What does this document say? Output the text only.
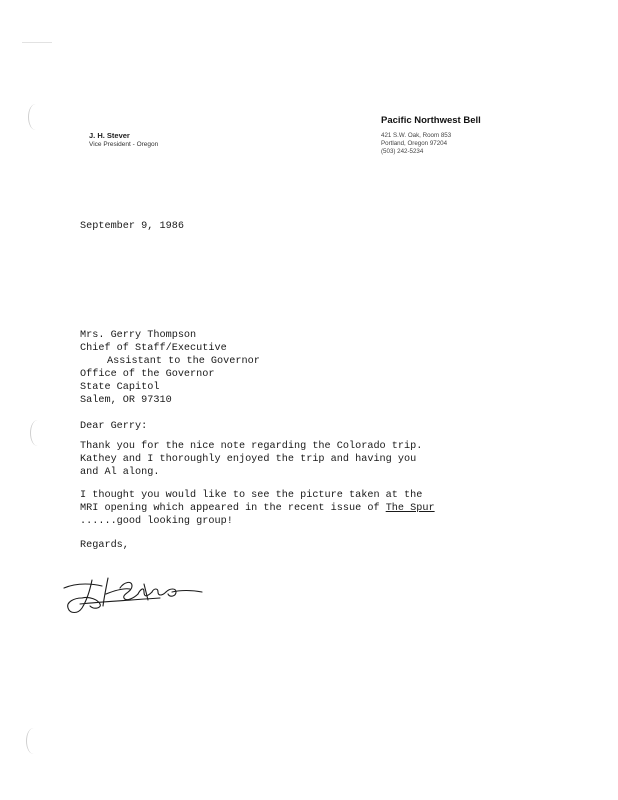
J. H. Stever
Vice President - Oregon
Pacific Northwest Bell
421 S.W. Oak, Room 853
Portland, Oregon 97204
(503) 242-5234
September 9, 1986
Mrs. Gerry Thompson
Chief of Staff/Executive
Assistant to the Governor
Office of the Governor
State Capitol
Salem, OR 97310
Dear Gerry:
Thank you for the nice note regarding the Colorado trip.
Kathey and I thoroughly enjoyed the trip and having you
and Al along.
I thought you would like to see the picture taken at the
MRI opening which appeared in the recent issue of The Spur
......good looking group!
Regards,
